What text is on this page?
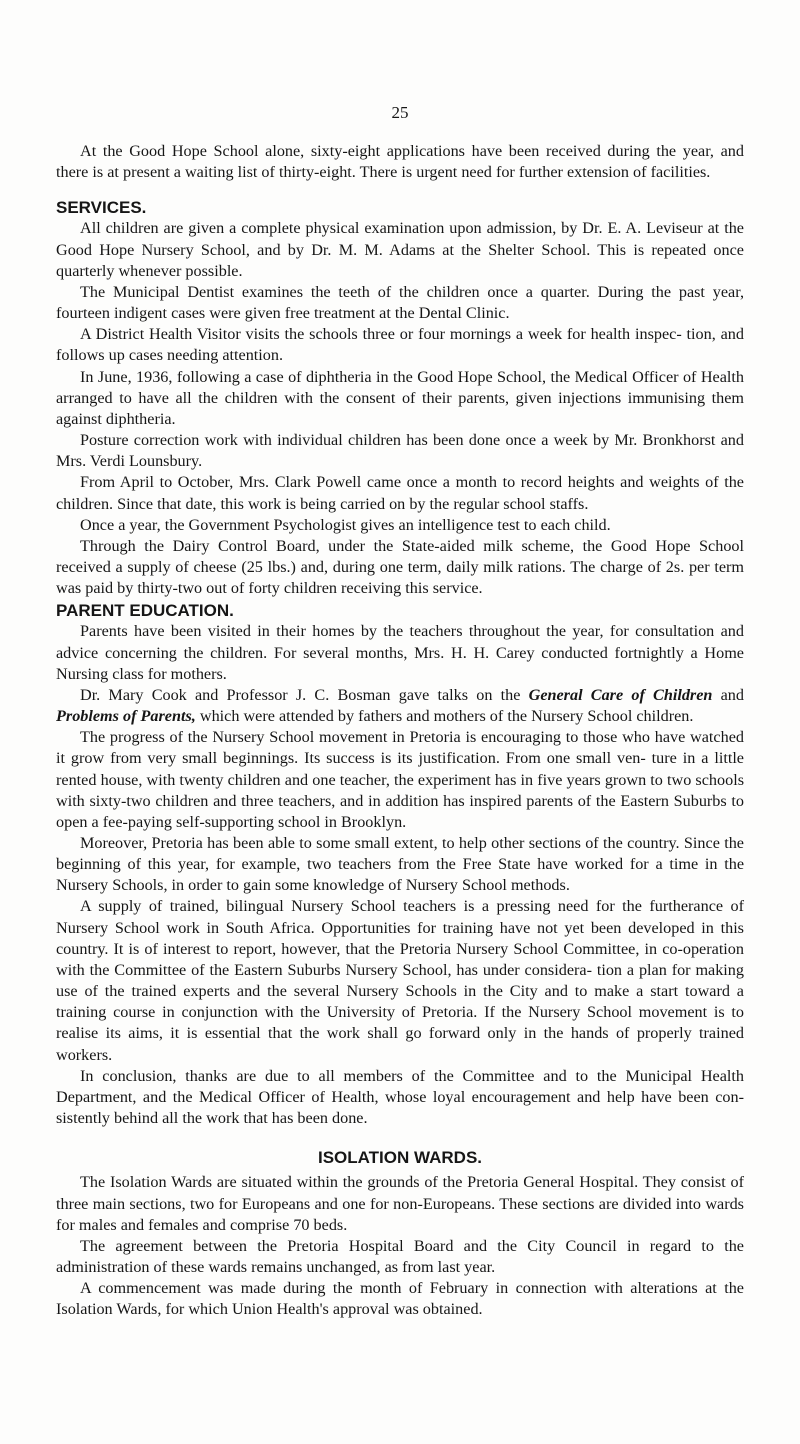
25

At the Good Hope School alone, sixty-eight applications have been received during the year, and there is at present a waiting list of thirty-eight. There is urgent need for further extension of facilities.

SERVICES.

All children are given a complete physical examination upon admission, by Dr. E. A. Leviseur at the Good Hope Nursery School, and by Dr. M. M. Adams at the Shelter School. This is repeated once quarterly whenever possible.

The Municipal Dentist examines the teeth of the children once a quarter. During the past year, fourteen indigent cases were given free treatment at the Dental Clinic.

A District Health Visitor visits the schools three or four mornings a week for health inspec- tion, and follows up cases needing attention.

In June, 1936, following a case of diphtheria in the Good Hope School, the Medical Officer of Health arranged to have all the children with the consent of their parents, given injections immunising them against diphtheria.

Posture correction work with individual children has been done once a week by Mr. Bronkhorst and Mrs. Verdi Lounsbury.

From April to October, Mrs. Clark Powell came once a month to record heights and weights of the children. Since that date, this work is being carried on by the regular school staffs.

Once a year, the Government Psychologist gives an intelligence test to each child.

Through the Dairy Control Board, under the State-aided milk scheme, the Good Hope School received a supply of cheese (25 lbs.) and, during one term, daily milk rations. The charge of 2s. per term was paid by thirty-two out of forty children receiving this service.

PARENT EDUCATION.

Parents have been visited in their homes by the teachers throughout the year, for consultation and advice concerning the children. For several months, Mrs. H. H. Carey conducted fortnightly a Home Nursing class for mothers.

Dr. Mary Cook and Professor J. C. Bosman gave talks on the General Care of Children and Problems of Parents, which were attended by fathers and mothers of the Nursery School children.

The progress of the Nursery School movement in Pretoria is encouraging to those who have watched it grow from very small beginnings. Its success is its justification. From one small ven- ture in a little rented house, with twenty children and one teacher, the experiment has in five years grown to two schools with sixty-two children and three teachers, and in addition has inspired parents of the Eastern Suburbs to open a fee-paying self-supporting school in Brooklyn.

Moreover, Pretoria has been able to some small extent, to help other sections of the country. Since the beginning of this year, for example, two teachers from the Free State have worked for a time in the Nursery Schools, in order to gain some knowledge of Nursery School methods.

A supply of trained, bilingual Nursery School teachers is a pressing need for the furtherance of Nursery School work in South Africa. Opportunities for training have not yet been developed in this country. It is of interest to report, however, that the Pretoria Nursery School Committee, in co-operation with the Committee of the Eastern Suburbs Nursery School, has under considera- tion a plan for making use of the trained experts and the several Nursery Schools in the City and to make a start toward a training course in conjunction with the University of Pretoria. If the Nursery School movement is to realise its aims, it is essential that the work shall go forward only in the hands of properly trained workers.

In conclusion, thanks are due to all members of the Committee and to the Municipal Health Department, and the Medical Officer of Health, whose loyal encouragement and help have been con- sistently behind all the work that has been done.

ISOLATION WARDS.

The Isolation Wards are situated within the grounds of the Pretoria General Hospital. They consist of three main sections, two for Europeans and one for non-Europeans. These sections are divided into wards for males and females and comprise 70 beds.

The agreement between the Pretoria Hospital Board and the City Council in regard to the administration of these wards remains unchanged, as from last year.

A commencement was made during the month of February in connection with alterations at the Isolation Wards, for which Union Health's approval was obtained.
